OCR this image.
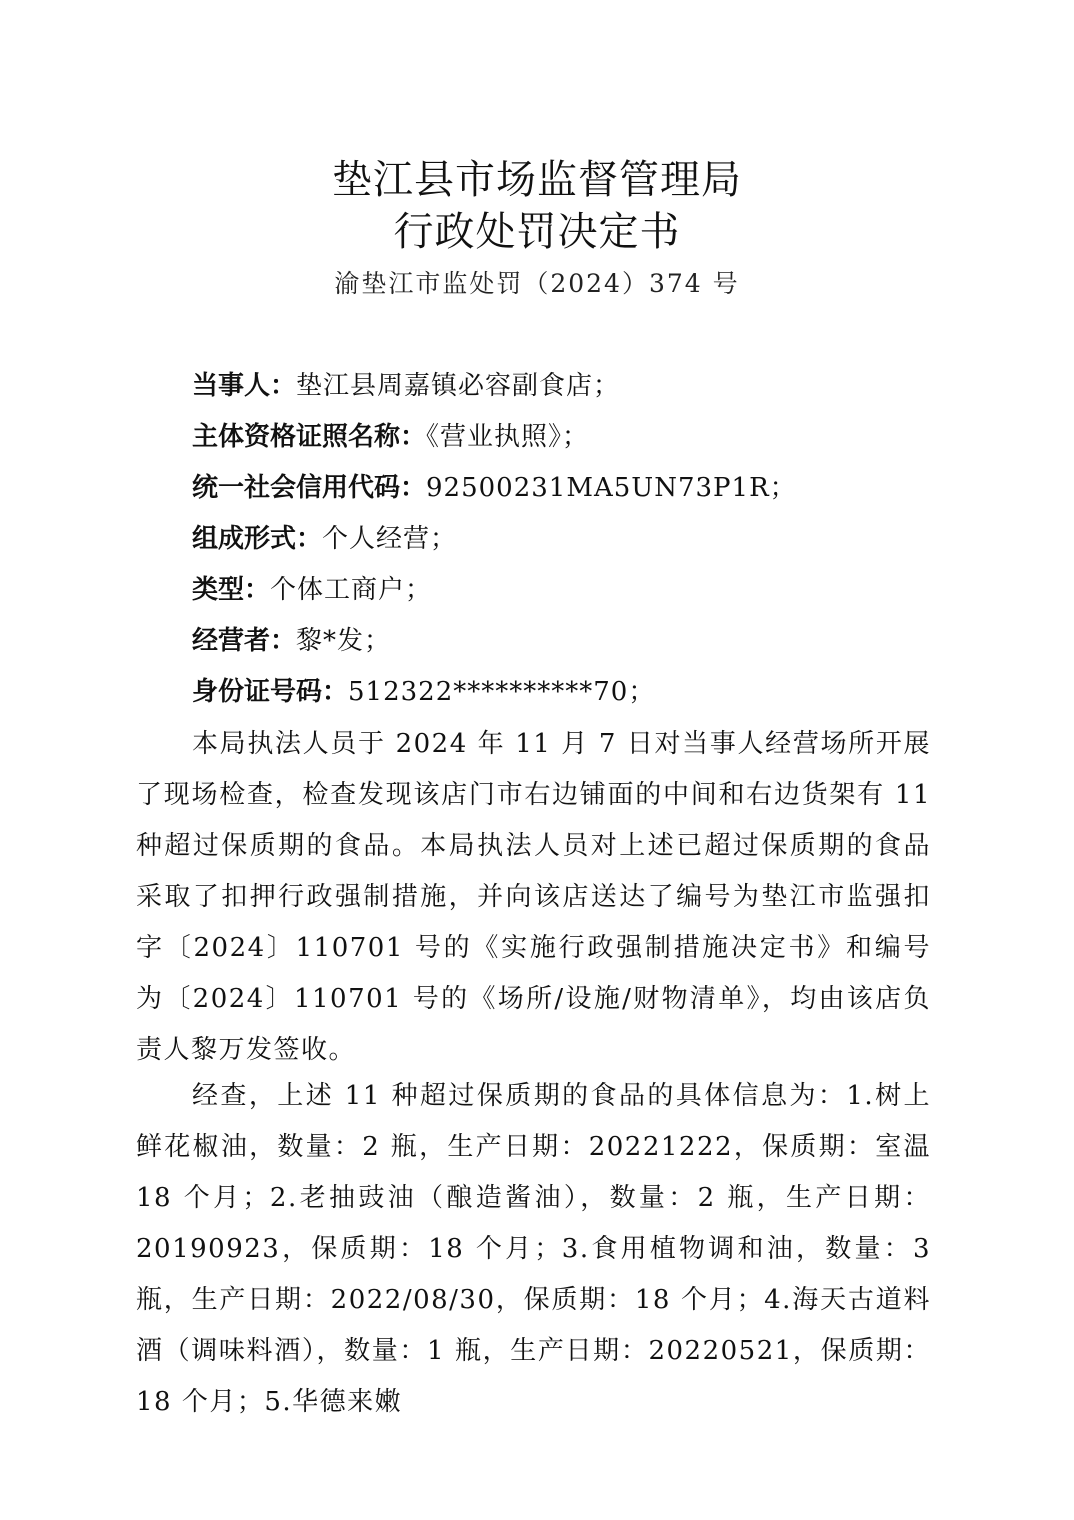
垫江县市场监督管理局
行政处罚决定书
渝垫江市监处罚（2024）374 号
当事人：垫江县周嘉镇必容副食店；
主体资格证照名称：《营业执照》；
统一社会信用代码：92500231MA5UN73P1R；
组成形式：个人经营；
类型：个体工商户；
经营者：黎*发；
身份证号码：512322**********70；

本局执法人员于 2024 年 11 月 7 日对当事人经营场所开展了现场检查，检查发现该店门市右边铺面的中间和右边货架有 11 种超过保质期的食品。本局执法人员对上述已超过保质期的食品采取了扣押行政强制措施，并向该店送达了编号为垫江市监强扣字〔2024〕110701 号的《实施行政强制措施决定书》和编号为〔2024〕110701 号的《场所/设施/财物清单》，均由该店负责人黎万发签收。

经查，上述 11 种超过保质期的食品的具体信息为：1.树上鲜花椒油，数量：2 瓶，生产日期：20221222，保质期：室温 18 个月；2.老抽豉油（酿造酱油），数量：2 瓶，生产日期：20190923，保质期：18 个月；3.食用植物调和油，数量：3 瓶，生产日期：2022/08/30，保质期：18 个月；4.海天古道料酒（调味料酒），数量：1 瓶，生产日期：20220521，保质期：18 个月；5.华德来嫩
